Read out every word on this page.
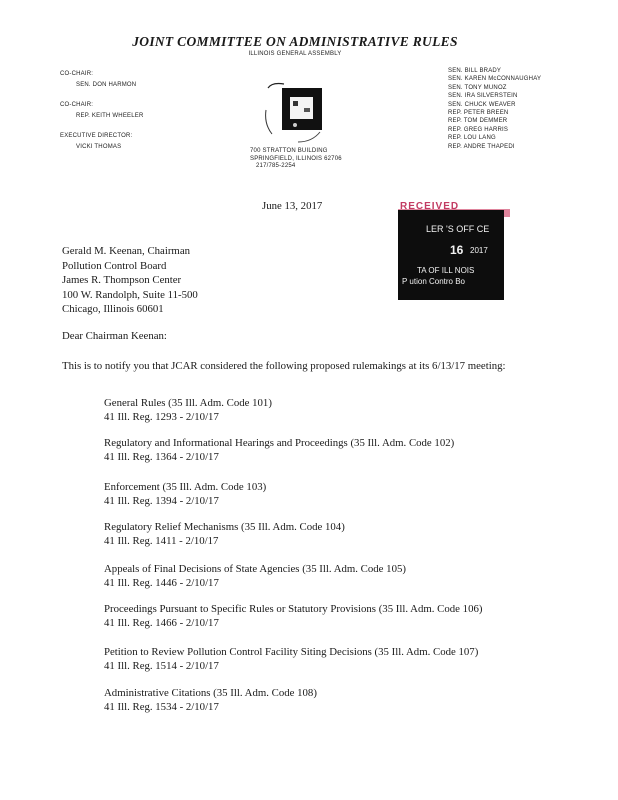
JOINT COMMITTEE ON ADMINISTRATIVE RULES
ILLINOIS GENERAL ASSEMBLY
CO-CHAIR:
SEN. DON HARMON
CO-CHAIR:
REP. KEITH WHEELER
EXECUTIVE DIRECTOR:
VICKI THOMAS
SEN. BILL BRADY
SEN. KAREN McCONNAUGHAY
SEN. TONY MUNOZ
SEN. IRA SILVERSTEIN
SEN. CHUCK WEAVER
REP. PETER BREEN
REP. TOM DEMMER
REP. GREG HARRIS
REP. LOU LANG
REP. ANDRE THAPEDI
700 STRATTON BUILDING
SPRINGFIELD, ILLINOIS 62706
217/785-2254
RECEIVED
LER 'S OFF CE
16 2017
TA OF ILL NOIS
P ution Contro Bo
June 13, 2017
Gerald M. Keenan, Chairman
Pollution Control Board
James R. Thompson Center
100 W. Randolph, Suite 11-500
Chicago, Illinois 60601
Dear Chairman Keenan:
This is to notify you that JCAR considered the following proposed rulemakings at its 6/13/17 meeting:
General Rules (35 Ill. Adm. Code 101)
41 Ill. Reg. 1293 - 2/10/17
Regulatory and Informational Hearings and Proceedings (35 Ill. Adm. Code 102)
41 Ill. Reg. 1364 - 2/10/17
Enforcement (35 Ill. Adm. Code 103)
41 Ill. Reg. 1394 - 2/10/17
Regulatory Relief Mechanisms (35 Ill. Adm. Code 104)
41 Ill. Reg. 1411 - 2/10/17
Appeals of Final Decisions of State Agencies (35 Ill. Adm. Code 105)
41 Ill. Reg. 1446 - 2/10/17
Proceedings Pursuant to Specific Rules or Statutory Provisions (35 Ill. Adm. Code 106)
41 Ill. Reg. 1466 - 2/10/17
Petition to Review Pollution Control Facility Siting Decisions (35 Ill. Adm. Code 107)
41 Ill. Reg. 1514 - 2/10/17
Administrative Citations (35 Ill. Adm. Code 108)
41 Ill. Reg. 1534 - 2/10/17
